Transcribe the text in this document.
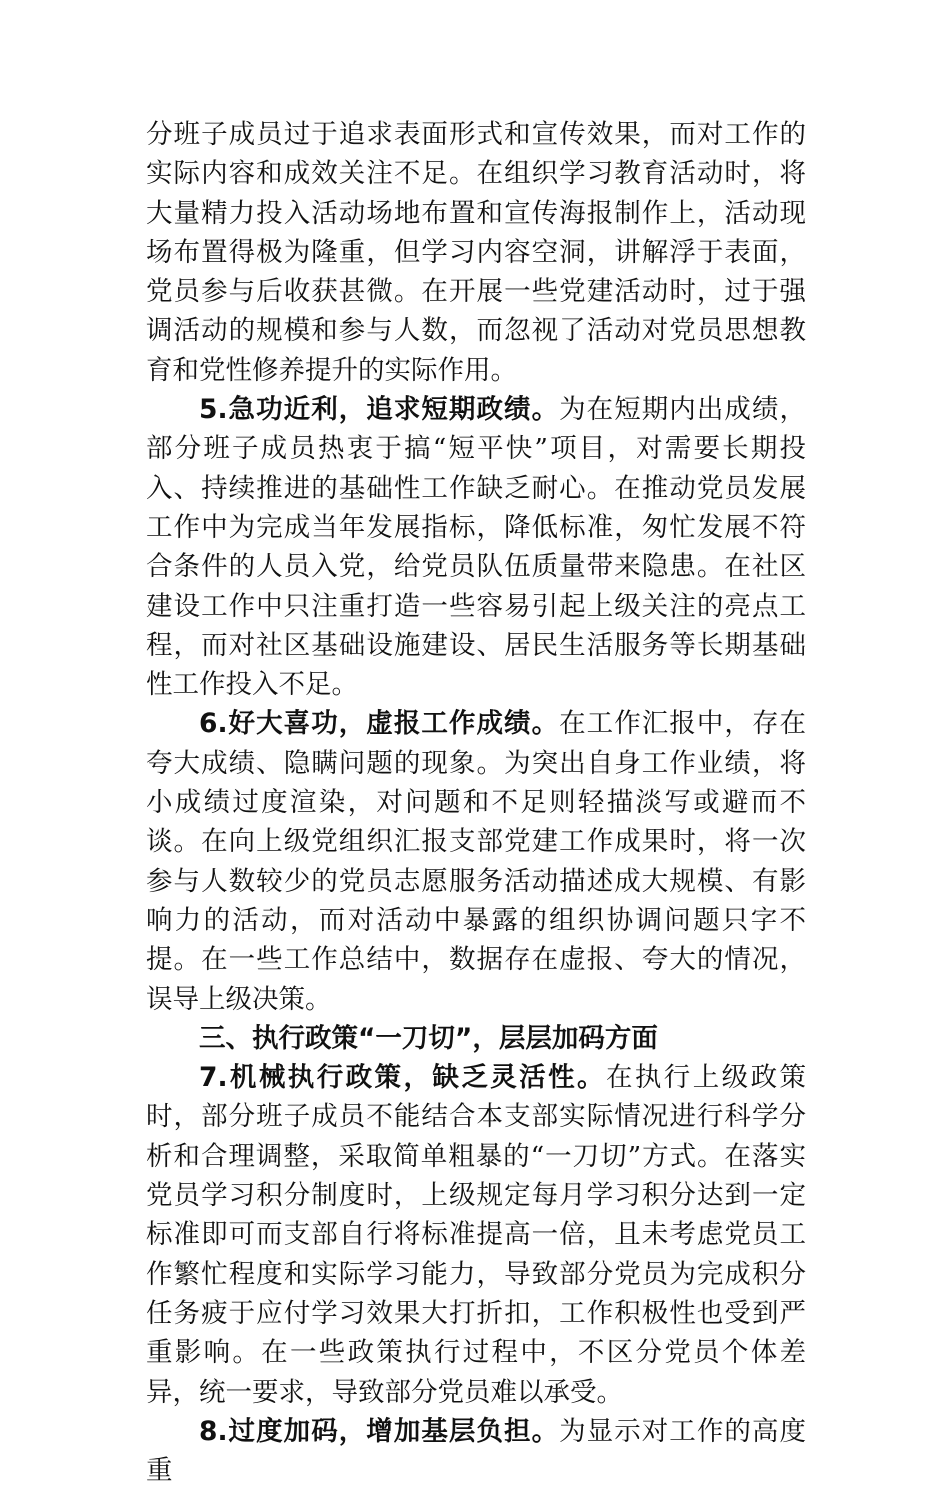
分班子成员过于追求表面形式和宣传效果，而对工作的实际内容和成效关注不足。在组织学习教育活动时，将大量精力投入活动场地布置和宣传海报制作上，活动现场布置得极为隆重，但学习内容空洞，讲解浮于表面，党员参与后收获甚微。在开展一些党建活动时，过于强调活动的规模和参与人数，而忽视了活动对党员思想教育和党性修养提升的实际作用。

5.急功近利，追求短期政绩。为在短期内出成绩，部分班子成员热衷于搞“短平快”项目，对需要长期投入、持续推进的基础性工作缺乏耐心。在推动党员发展工作中为完成当年发展指标，降低标准，匆忙发展不符合条件的人员入党，给党员队伍质量带来隐患。在社区建设工作中只注重打造一些容易引起上级关注的亮点工程，而对社区基础设施建设、居民生活服务等长期基础性工作投入不足。

6.好大喜功，虚报工作成绩。在工作汇报中，存在夸大成绩、隐瞒问题的现象。为突出自身工作业绩，将小成绩过度渲染，对问题和不足则轻描淡写或避而不谈。在向上级党组织汇报支部党建工作成果时，将一次参与人数较少的党员志愿服务活动描述成大规模、有影响力的活动，而对活动中暴露的组织协调问题只字不提。在一些工作总结中，数据存在虚报、夸大的情况，误导上级决策。

三、执行政策“一刀切”，层层加码方面

7.机械执行政策，缺乏灵活性。在执行上级政策时，部分班子成员不能结合本支部实际情况进行科学分析和合理调整，采取简单粗暴的“一刀切”方式。在落实党员学习积分制度时，上级规定每月学习积分达到一定标准即可而支部自行将标准提高一倍，且未考虑党员工作繁忙程度和实际学习能力，导致部分党员为完成积分任务疲于应付学习效果大打折扣，工作积极性也受到严重影响。在一些政策执行过程中，不区分党员个体差异，统一要求，导致部分党员难以承受。

8.过度加码，增加基层负担。为显示对工作的高度重
